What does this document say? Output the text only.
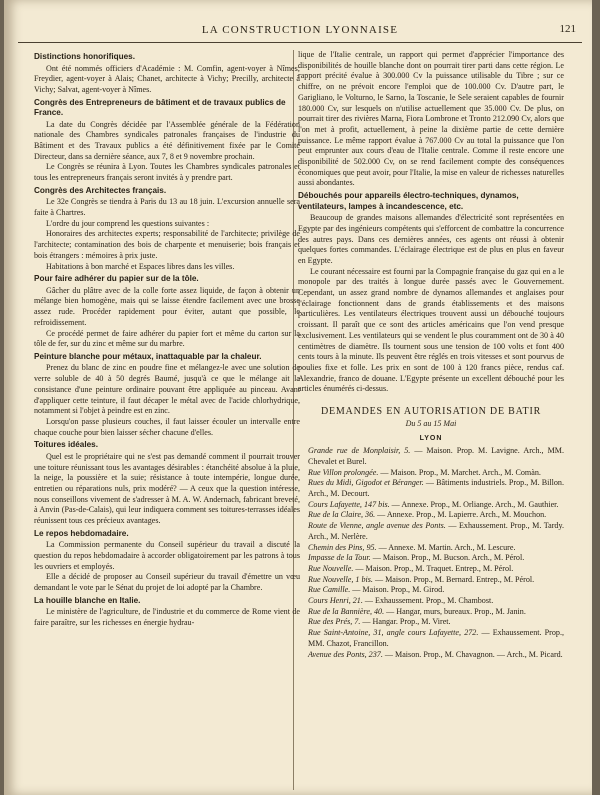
LA CONSTRUCTION LYONNAISE	121
Distinctions honorifiques.

Ont été nommés officiers d'Académie : M. Comfin, agent-voyer à Nîmes; Freydier, agent-voyer à Alais; Chanet, architecte à Vichy; Precilly, architecte à Vichy; Salvat, agent-voyer à Nîmes.

Congrès des Entrepreneurs de bâtiment et de travaux publics de France.

La date du Congrès décidée par l'Assemblée générale de la Fédération nationale des Chambres syndicales patronales françaises de l'industrie du Bâtiment et des Travaux publics a été définitivement fixée par le Comité Directeur, dans sa dernière séance, aux 7, 8 et 9 novembre prochain.

Le Congrès se réunira à Lyon. Toutes les Chambres syndicales patronales et tous les entrepreneurs français seront invités à y prendre part.

Congrès des Architectes français.

Le 32e Congrès se tiendra à Paris du 13 au 18 juin. L'excursion annuelle sera faite à Chartres.

L'ordre du jour comprend les questions suivantes :

Honoraires des architectes experts; responsabilité de l'architecte; privilège de l'architecte; contamination des bois de charpente et menuiserie; bois français et bois étrangers : mémoires à prix juste.

Habitations à bon marché et Espaces libres dans les villes.

Pour faire adhérer du papier sur de la tôle.

Gâcher du plâtre avec de la colle forte assez liquide, de façon à obtenir un mélange bien homogène, mais qui se laisse étendre facilement avec une brosse assez rude. Procéder rapidement pour éviter, autant que possible, le refroidissement.

Ce procédé permet de faire adhérer du papier fort et même du carton sur la tôle de fer, sur du zinc et même sur du marbre.

Peinture blanche pour métaux, inattaquable par la chaleur.

Prenez du blanc de zinc en poudre fine et mélangez-le avec une solution de verre soluble de 40 à 50 degrés Baumé, jusqu'à ce que le mélange ait la consistance d'une peinture ordinaire pouvant être appliquée au pinceau. Avant d'appliquer cette teinture, il faut décaper le métal avec de l'acide chlorhydrique, notamment si l'objet à peindre est en zinc.

Lorsqu'on passe plusieurs couches, il faut laisser écouler un intervalle entre chaque couche pour bien laisser sécher chacune d'elles.

Toitures idéales.

Quel est le propriétaire qui ne s'est pas demandé comment il pourrait trouver une toiture réunissant tous les avantages désirables : étanchéité absolue à la pluie, la neige, la poussière et la suie; résistance à toute intempérie, longue durée, entretien ou réparations nuls, prix modéré? — A ceux que la question intéresse, nous conseillons vivement de s'adresser à M. A. W. Andernach, fabricant breveté, à Anvin (Pas-de-Calais), qui leur indiquera comment ses toitures-terrasses idéales réunissent tous ces précieux avantages.

Le repos hebdomadaire.

La Commission permanente du Conseil supérieur du travail a discuté la question du repos hebdomadaire à accorder obligatoirement par les patrons à tous les ouvriers et employés.

Elle a décidé de proposer au Conseil supérieur du travail d'émettre un vœu demandant le vote par le Sénat du projet de loi adopté par la Chambre.

La houille blanche en Italie.

Le ministère de l'agriculture, de l'industrie et du commerce de Rome vient de faire paraître, sur les richesses en énergie hydrau-

lique de l'Italie centrale, un rapport qui permet d'apprécier l'importance des disponibilités de houille blanche dont on pourrait tirer parti dans cette région. Le rapport précité évalue à 300.000 Cv la puissance utilisable du Tibre ; sur ce chiffre, on ne prévoit encore l'emploi que de 100.000 Cv. D'autre part, le Garigliano, le Volturno, le Sarno, la Toscanie, le Sele seraient capables de fournir 180.000 Cv, sur lesquels on n'utilise actuellement que 35.000 Cv. De plus, on pourrait tirer des rivières Marna, Fiora Lombrone et Tronto 212.090 Cv, alors que l'on met à profit, actuellement, à peine la dixième partie de cette dernière puissance. Le même rapport évalue à 767.000 Cv au total la puissance que l'on peut emprunter aux cours d'eau de l'Italie centrale. Comme il reste encore une disponibilité de 502.000 Cv, on se rend facilement compte des conséquences économiques que peut avoir, pour l'Italie, la mise en valeur de richesses naturelles aussi abondantes.

Débouchés pour appareils électro-techniques, dynamos, ventilateurs, lampes à incandescence, etc.

Beaucoup de grandes maisons allemandes d'électricité sont représentées en Egypte par des ingénieurs compétents qui s'efforcent de combattre la concurrence des autres pays. Dans ces dernières années, ces agents ont réussi à obtenir quelques fortes commandes. L'éclairage électrique est de plus en plus en faveur en Egypte.

Le courant nécessaire est fourni par la Compagnie française du gaz qui en a le monopole par des traités à longue durée passés avec le Gouvernement. Cependant, un assez grand nombre de dynamos allemandes et anglaises pour l'éclairage fonctionnent dans de grands établissements et des maisons particulières. Les ventilateurs électriques trouvent aussi un débouché toujours croissant. Il paraît que ce sont des articles américains que l'on vend presque exclusivement. Les ventilateurs qui se vendent le plus couramment ont de 30 à 40 centimètres de diamètre. Ils tournent sous une tension de 100 volts et font 400 cents tours à la minute. Ils peuvent être réglés en trois vitesses et sont pourvus de poulies fixe et folle. Les prix en sont de 100 à 120 francs pièce, rendus caf. Alexandrie, franco de douane. L'Egypte présente un excellent débouché pour les articles énumérés ci-dessus.

DEMANDES EN AUTORISATION DE BATIR
Du 5 au 15 Mai
LYON

Grande rue de Monplaisir, 5. — Maison. Prop. M. Lavigne. Arch., MM. Chevalet et Burel.

Rue Villon prolongée. — Maison. Prop., M. Marchet. Arch., M. Comàn.

Rues du Midi, Gigodot et Béranger. — Bâtiments industriels. Prop., M. Billon. Arch., M. Decourt.

Cours Lafayette, 147 bis. — Annexe. Prop., M. Orliange. Arch., M. Gauthier.

Rue de la Claire, 36. — Annexe. Prop., M. Lapierre. Arch., M. Mouchon.

Route de Vienne, angle avenue des Ponts. — Exhaussement. Prop., M. Tardy. Arch., M. Nerlère.

Chemin des Pins, 95. — Annexe. M. Martin. Arch., M. Lescure.

Impasse de la Tour. — Maison. Prop., M. Bucson. Arch., M. Pérol.

Rue Nouvelle. — Maison. Prop., M. Traquet. Entrep., M. Pérol.

Rue Nouvelle, 1 bis. — Maison. Prop., M. Bernard. Entrep., M. Pérol.

Rue Camille. — Maison. Prop., M. Girod.

Cours Henri, 21. — Exhaussement. Prop., M. Chambost.

Rue de la Bannière, 40. — Hangar, murs, bureaux. Prop., M. Janin.

Rue des Prés, 7. — Hangar. Prop., M. Viret.

Rue Saint-Antoine, 31, angle cours Lafayette, 272. — Exhaussement. Prop., MM. Chazot, Francillon.

Avenue des Ponts, 237. — Maison. Prop., M. Chavagnon. — Arch., M. Picard.
